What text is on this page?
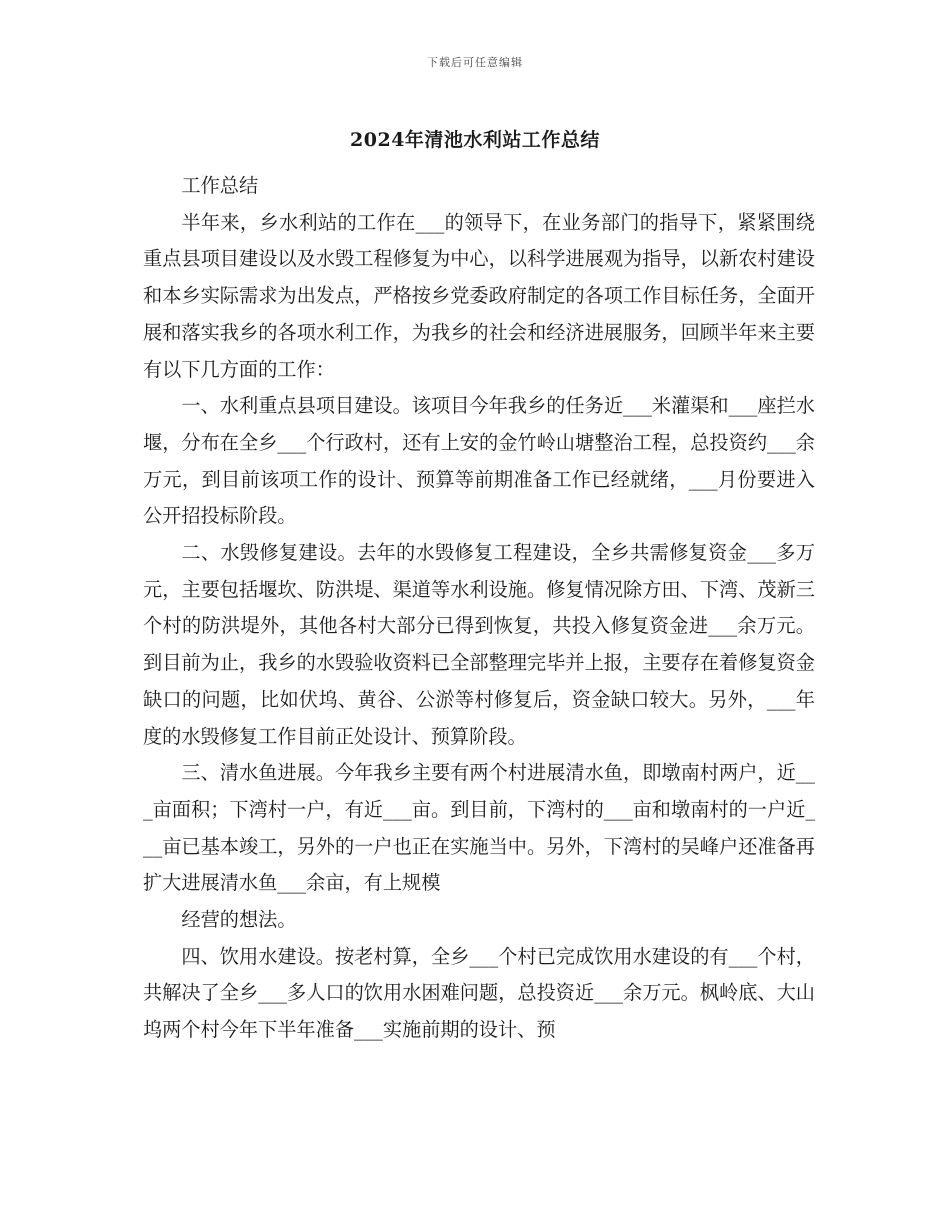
下载后可任意编辑
2024年清池水利站工作总结

工作总结

半年来，乡水利站的工作在___的领导下，在业务部门的指导下，紧紧围绕重点县项目建设以及水毁工程修复为中心，以科学进展观为指导，以新农村建设和本乡实际需求为出发点，严格按乡党委政府制定的各项工作目标任务，全面开展和落实我乡的各项水利工作，为我乡的社会和经济进展服务，回顾半年来主要有以下几方面的工作：

一、水利重点县项目建设。该项目今年我乡的任务近___米灌渠和___座拦水堰，分布在全乡___个行政村，还有上安的金竹岭山塘整治工程，总投资约___余万元，到目前该项工作的设计、预算等前期准备工作已经就绪，___月份要进入公开招投标阶段。

二、水毁修复建设。去年的水毁修复工程建设，全乡共需修复资金___多万元，主要包括堰坎、防洪堤、渠道等水利设施。修复情况除方田、下湾、茂新三个村的防洪堤外，其他各村大部分已得到恢复，共投入修复资金进___余万元。到目前为止，我乡的水毁验收资料已全部整理完毕并上报，主要存在着修复资金缺口的问题，比如伏坞、黄谷、公淤等村修复后，资金缺口较大。另外，___年度的水毁修复工作目前正处设计、预算阶段。

三、清水鱼进展。今年我乡主要有两个村进展清水鱼，即墩南村两户，近___亩面积；下湾村一户，有近___亩。到目前，下湾村的___亩和墩南村的一户近___亩已基本竣工，另外的一户也正在实施当中。另外，下湾村的吴峰户还准备再扩大进展清水鱼___余亩，有上规模

经营的想法。

四、饮用水建设。按老村算，全乡___个村已完成饮用水建设的有___个村，共解决了全乡___多人口的饮用水困难问题，总投资近___余万元。枫岭底、大山坞两个村今年下半年准备___实施前期的设计、预
